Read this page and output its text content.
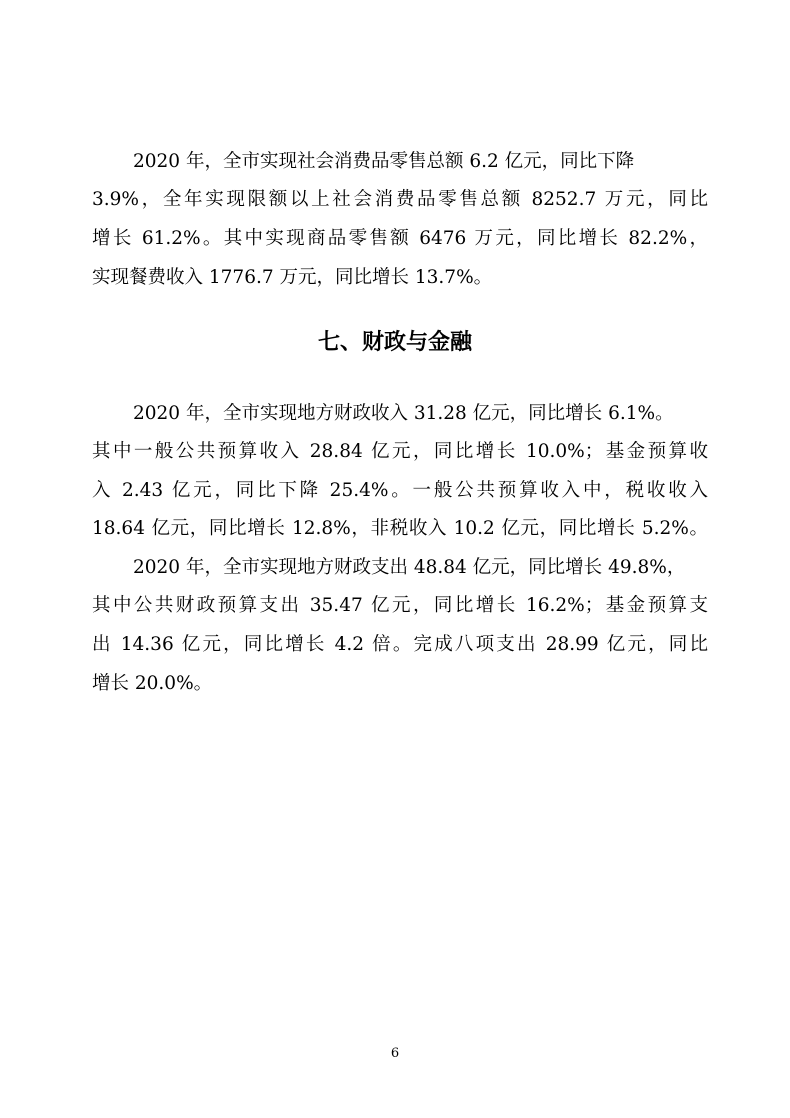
2020 年，全市实现社会消费品零售总额 6.2 亿元，同比下降
3.9%，全年实现限额以上社会消费品零售总额 8252.7 万元，同比
增长 61.2%。其中实现商品零售额 6476 万元，同比增长 82.2%，
实现餐费收入 1776.7 万元，同比增长 13.7%。
七、财政与金融
2020 年，全市实现地方财政收入 31.28 亿元，同比增长 6.1%。
其中一般公共预算收入 28.84 亿元，同比增长 10.0%；基金预算收
入 2.43 亿元，同比下降 25.4%。一般公共预算收入中，税收收入
18.64 亿元，同比增长 12.8%，非税收入 10.2 亿元，同比增长 5.2%。
2020 年，全市实现地方财政支出 48.84 亿元，同比增长 49.8%，
其中公共财政预算支出 35.47 亿元，同比增长 16.2%；基金预算支
出 14.36 亿元，同比增长 4.2 倍。完成八项支出 28.99 亿元，同比
增长 20.0%。
6
